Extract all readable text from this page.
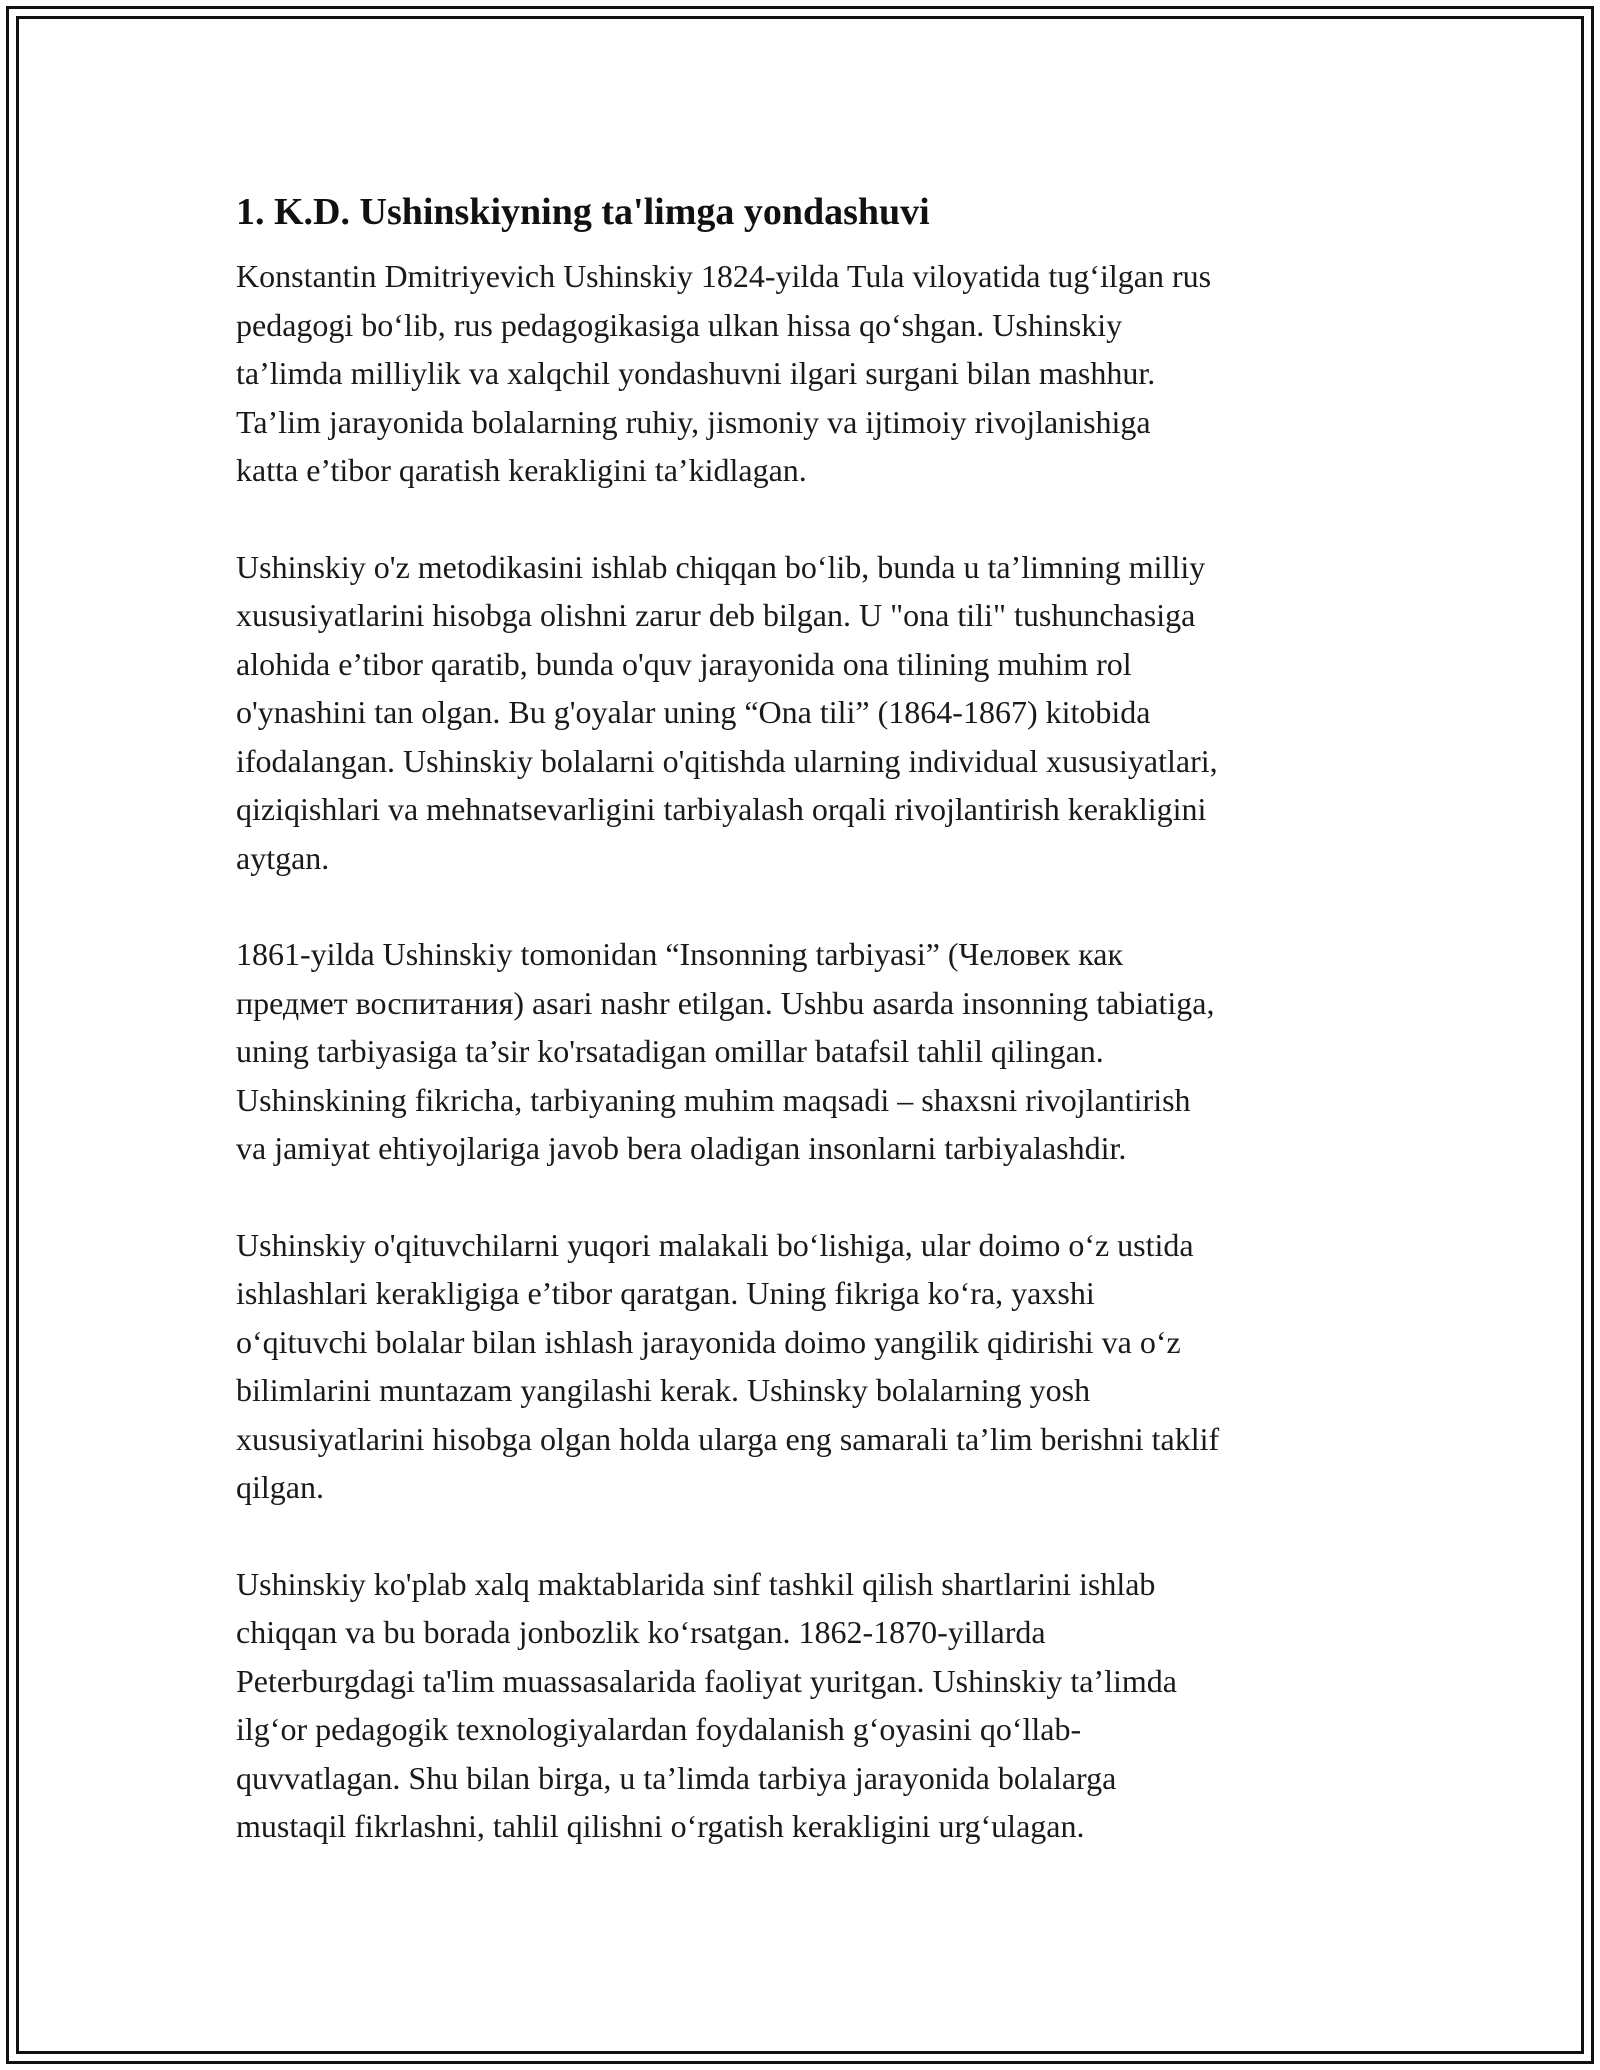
1. K.D. Ushinskiyning ta'limga yondashuvi

Konstantin Dmitriyevich Ushinskiy 1824-yilda Tula viloyatida tug‘ilgan rus
pedagogi bo‘lib, rus pedagogikasiga ulkan hissa qo‘shgan. Ushinskiy
ta’limda milliylik va xalqchil yondashuvni ilgari surgani bilan mashhur.
Ta’lim jarayonida bolalarning ruhiy, jismoniy va ijtimoiy rivojlanishiga
katta e’tibor qaratish kerakligini ta’kidlagan.

Ushinskiy o'z metodikasini ishlab chiqqan bo‘lib, bunda u ta’limning milliy
xususiyatlarini hisobga olishni zarur deb bilgan. U "ona tili" tushunchasiga
alohida e’tibor qaratib, bunda o'quv jarayonida ona tilining muhim rol
o'ynashini tan olgan. Bu g'oyalar uning “Ona tili” (1864-1867) kitobida
ifodalangan. Ushinskiy bolalarni o'qitishda ularning individual xususiyatlari,
qiziqishlari va mehnatsevarligini tarbiyalash orqali rivojlantirish kerakligini
aytgan.

1861-yilda Ushinskiy tomonidan “Insonning tarbiyasi” (Человек как
предмет воспитания) asari nashr etilgan. Ushbu asarda insonning tabiatiga,
uning tarbiyasiga ta’sir ko'rsatadigan omillar batafsil tahlil qilingan.
Ushinskining fikricha, tarbiyaning muhim maqsadi – shaxsni rivojlantirish
va jamiyat ehtiyojlariga javob bera oladigan insonlarni tarbiyalashdir.

Ushinskiy o'qituvchilarni yuqori malakali bo‘lishiga, ular doimo o‘z ustida
ishlashlari kerakligiga e’tibor qaratgan. Uning fikriga ko‘ra, yaxshi
o‘qituvchi bolalar bilan ishlash jarayonida doimo yangilik qidirishi va o‘z
bilimlarini muntazam yangilashi kerak. Ushinsky bolalarning yosh
xususiyatlarini hisobga olgan holda ularga eng samarali ta’lim berishni taklif
qilgan.

Ushinskiy ko'plab xalq maktablarida sinf tashkil qilish shartlarini ishlab
chiqqan va bu borada jonbozlik ko‘rsatgan. 1862-1870-yillarda
Peterburgdagi ta'lim muassasalarida faoliyat yuritgan. Ushinskiy ta’limda
ilg‘or pedagogik texnologiyalardan foydalanish g‘oyasini qo‘llab-
quvvatlagan. Shu bilan birga, u ta’limda tarbiya jarayonida bolalarga
mustaqil fikrlashni, tahlil qilishni o‘rgatish kerakligini urg‘ulagan.
